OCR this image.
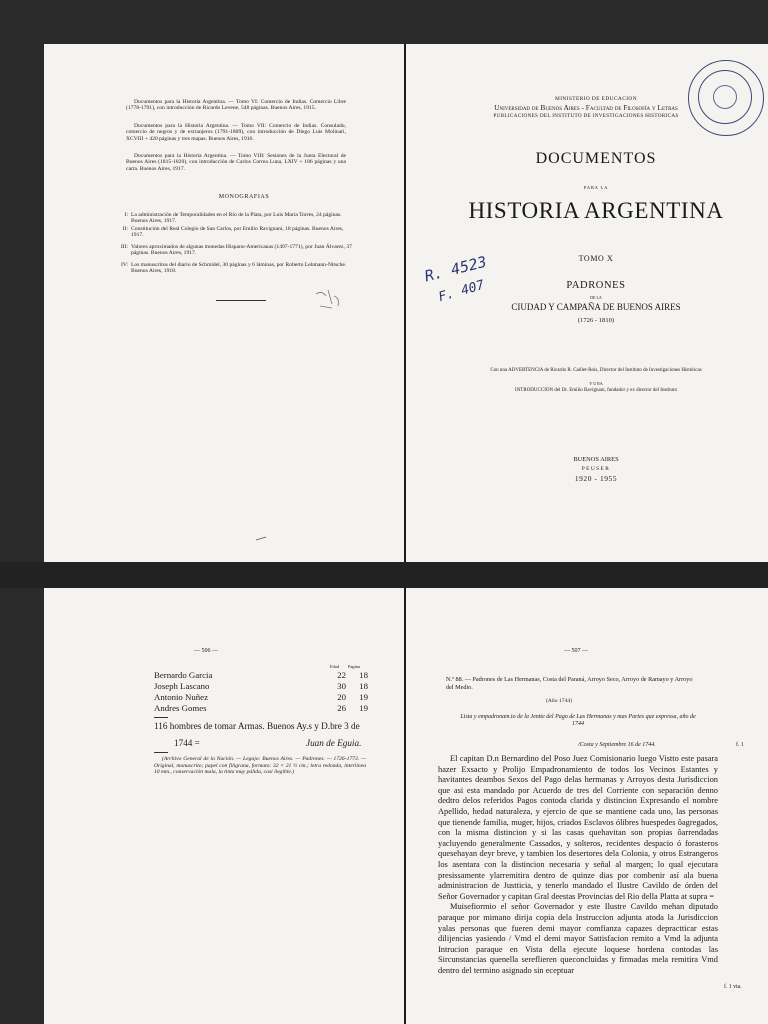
Documentos para la Historia Argentina. — Tomo VI: Comercio de Indias. Comercio Libre (1778-1791), con introducción de Ricardo Levene, 548 páginas. Buenos Aires, 1915.

Documentos para la Historia Argentina. — Tomo VII: Comercio de Indias. Consulado, comercio de negros y de extranjeros (1791-1809), con introducción de Diego Luis Molinari, XCVIII + 420 páginas y tres mapas. Buenos Aires, 1916.

Documentos para la Historia Argentina. — Tomo VIII: Sesiones de la Junta Electoral de Buenos Aires (1815-1820), con introducción de Carlos Correa Luna, LXIV + 186 páginas y una carta. Buenos Aires, 1917.

MONOGRAFIAS
I: La administración de Temporalidades en el Río de la Plata, por Luis María Torres, 24 páginas. Buenos Aires, 1917.
II: Constitución del Real Colegio de San Carlos, por Emilio Ravignani, 18 páginas. Buenos Aires, 1917.
III: Valores aproximados de algunas monedas Hispano-Americanas (1497-1771), por Juan Álvarez, 37 páginas. Buenos Aires, 1917.
IV: Los manuscritos del diario de Schmidel, 30 páginas y 6 láminas, por Roberto Lehmann-Nitsche. Buenos Aires, 1918.
MINISTERIO DE EDUCACION
Universidad de Buenos Aires - Facultad de Filosofía y Letras
PUBLICACIONES DEL INSTITUTO DE INVESTIGACIONES HISTORICAS
DOCUMENTOS
PARA LA
HISTORIA ARGENTINA
TOMO X
PADRONES
DE LA
CIUDAD Y CAMPAÑA DE BUENOS AIRES
(1726 - 1810)
R. 4523
F. 407
Con una ADVERTENCIA de Ricardo R. Caillet-Bois, Director del Instituto de Investigaciones Históricas
Y UNA
INTRODUCCION del Dr. Emilio Ravignani, fundador y ex director del Instituto
BUENOS AIRES
PEUSER
1920 - 1955
— 506 —
Edad Pagina
Bernardo Garcia	22	18
Joseph Lascano	30	18
Antonio Nuñez	20	19
Andres Gomes	26	19
116 hombres de tomar Armas. Buenos Ay.s y D.bre 3 de
1744 =	Juan de Eguia.

(Archivo General de la Nación. — Legajo: Buenos Aires. — Padrones. — 1726-1773. — Original, manuscrito; papel con filigrana, formato: 32 × 21 ½ cm.; letra redonda, interlínea 10 mm., conservación mala, la tinta muy pálida, casi ilegible.)

— 507 —

N.º 88. — Padrones de Las Hermanas, Costa del Paraná, Arroyo Seco, Arroyo de Ramayo y Arroyo del Medio.

(Año 1744)

Lista y empadronam.to de la Jentte del Pago de Las Hermanas y mas Partes que expressa, año de 1744

/Costa y Septiembre 16 de 1744.	f. 1

El capitan D.n Bernardino del Poso Juez Comisionario luego Vistto este pasara hazer Exsacto y Prolijo Empadronamiento de todos los Vecinos Estantes y havitantes deambos Sexos del Pago delas hermanas y Arroyos desta Jurisdiccion que asi esta mandado por Acuerdo de tres del Corriente con separación denno dedtro delos referidos Pagos contoda clarida y distincion Expresando el nombre Apellido, hedad naturaleza, y ejercio de que se mantiene cada uno, las personas que tienende familia, muger, hijos, criados Esclavos ólibres huespedes ôagregados, con la misma distincion y si las casas quehavitan son propias ôarrendadas yacluyendo generalmente Cassados, y solteros, recidentes despacio ó forasteros quesehayan deyr breve, y tambien los desertores dela Colonia, y otros Estrangeros los asentara con la distincion necesaria y señal al margen; lo qual ejecutara presissamente ylarremitira dentro de quinze dias por combenir así ala buena administracion de Justticia, y tenerlo mandado el Ilustre Cavildo de órden del Señor Governador y capitan Gral deestas Provincias del Rio della Platta at supra =

Muisefiormio el señor Governador y este Ilustre Cavildo mehan diputado paraque por mimano dirija copia dela Instruccion adjunta atoda la Jurisdiccion yalas personas que fueren demi mayor comfianza capazes depractticar estas dilijencias yasiendo / Vmd el demi mayor Sattisfacion remito a Vmd la adjunta Intrucion paraque en Vista della ejecute loquese hordena contodas las Sircunstancias quenella sereflieren queconcluidas y firmadas mela remitira Vmd dentro del termino asignado sin eceptuar

f. 1 vta.
